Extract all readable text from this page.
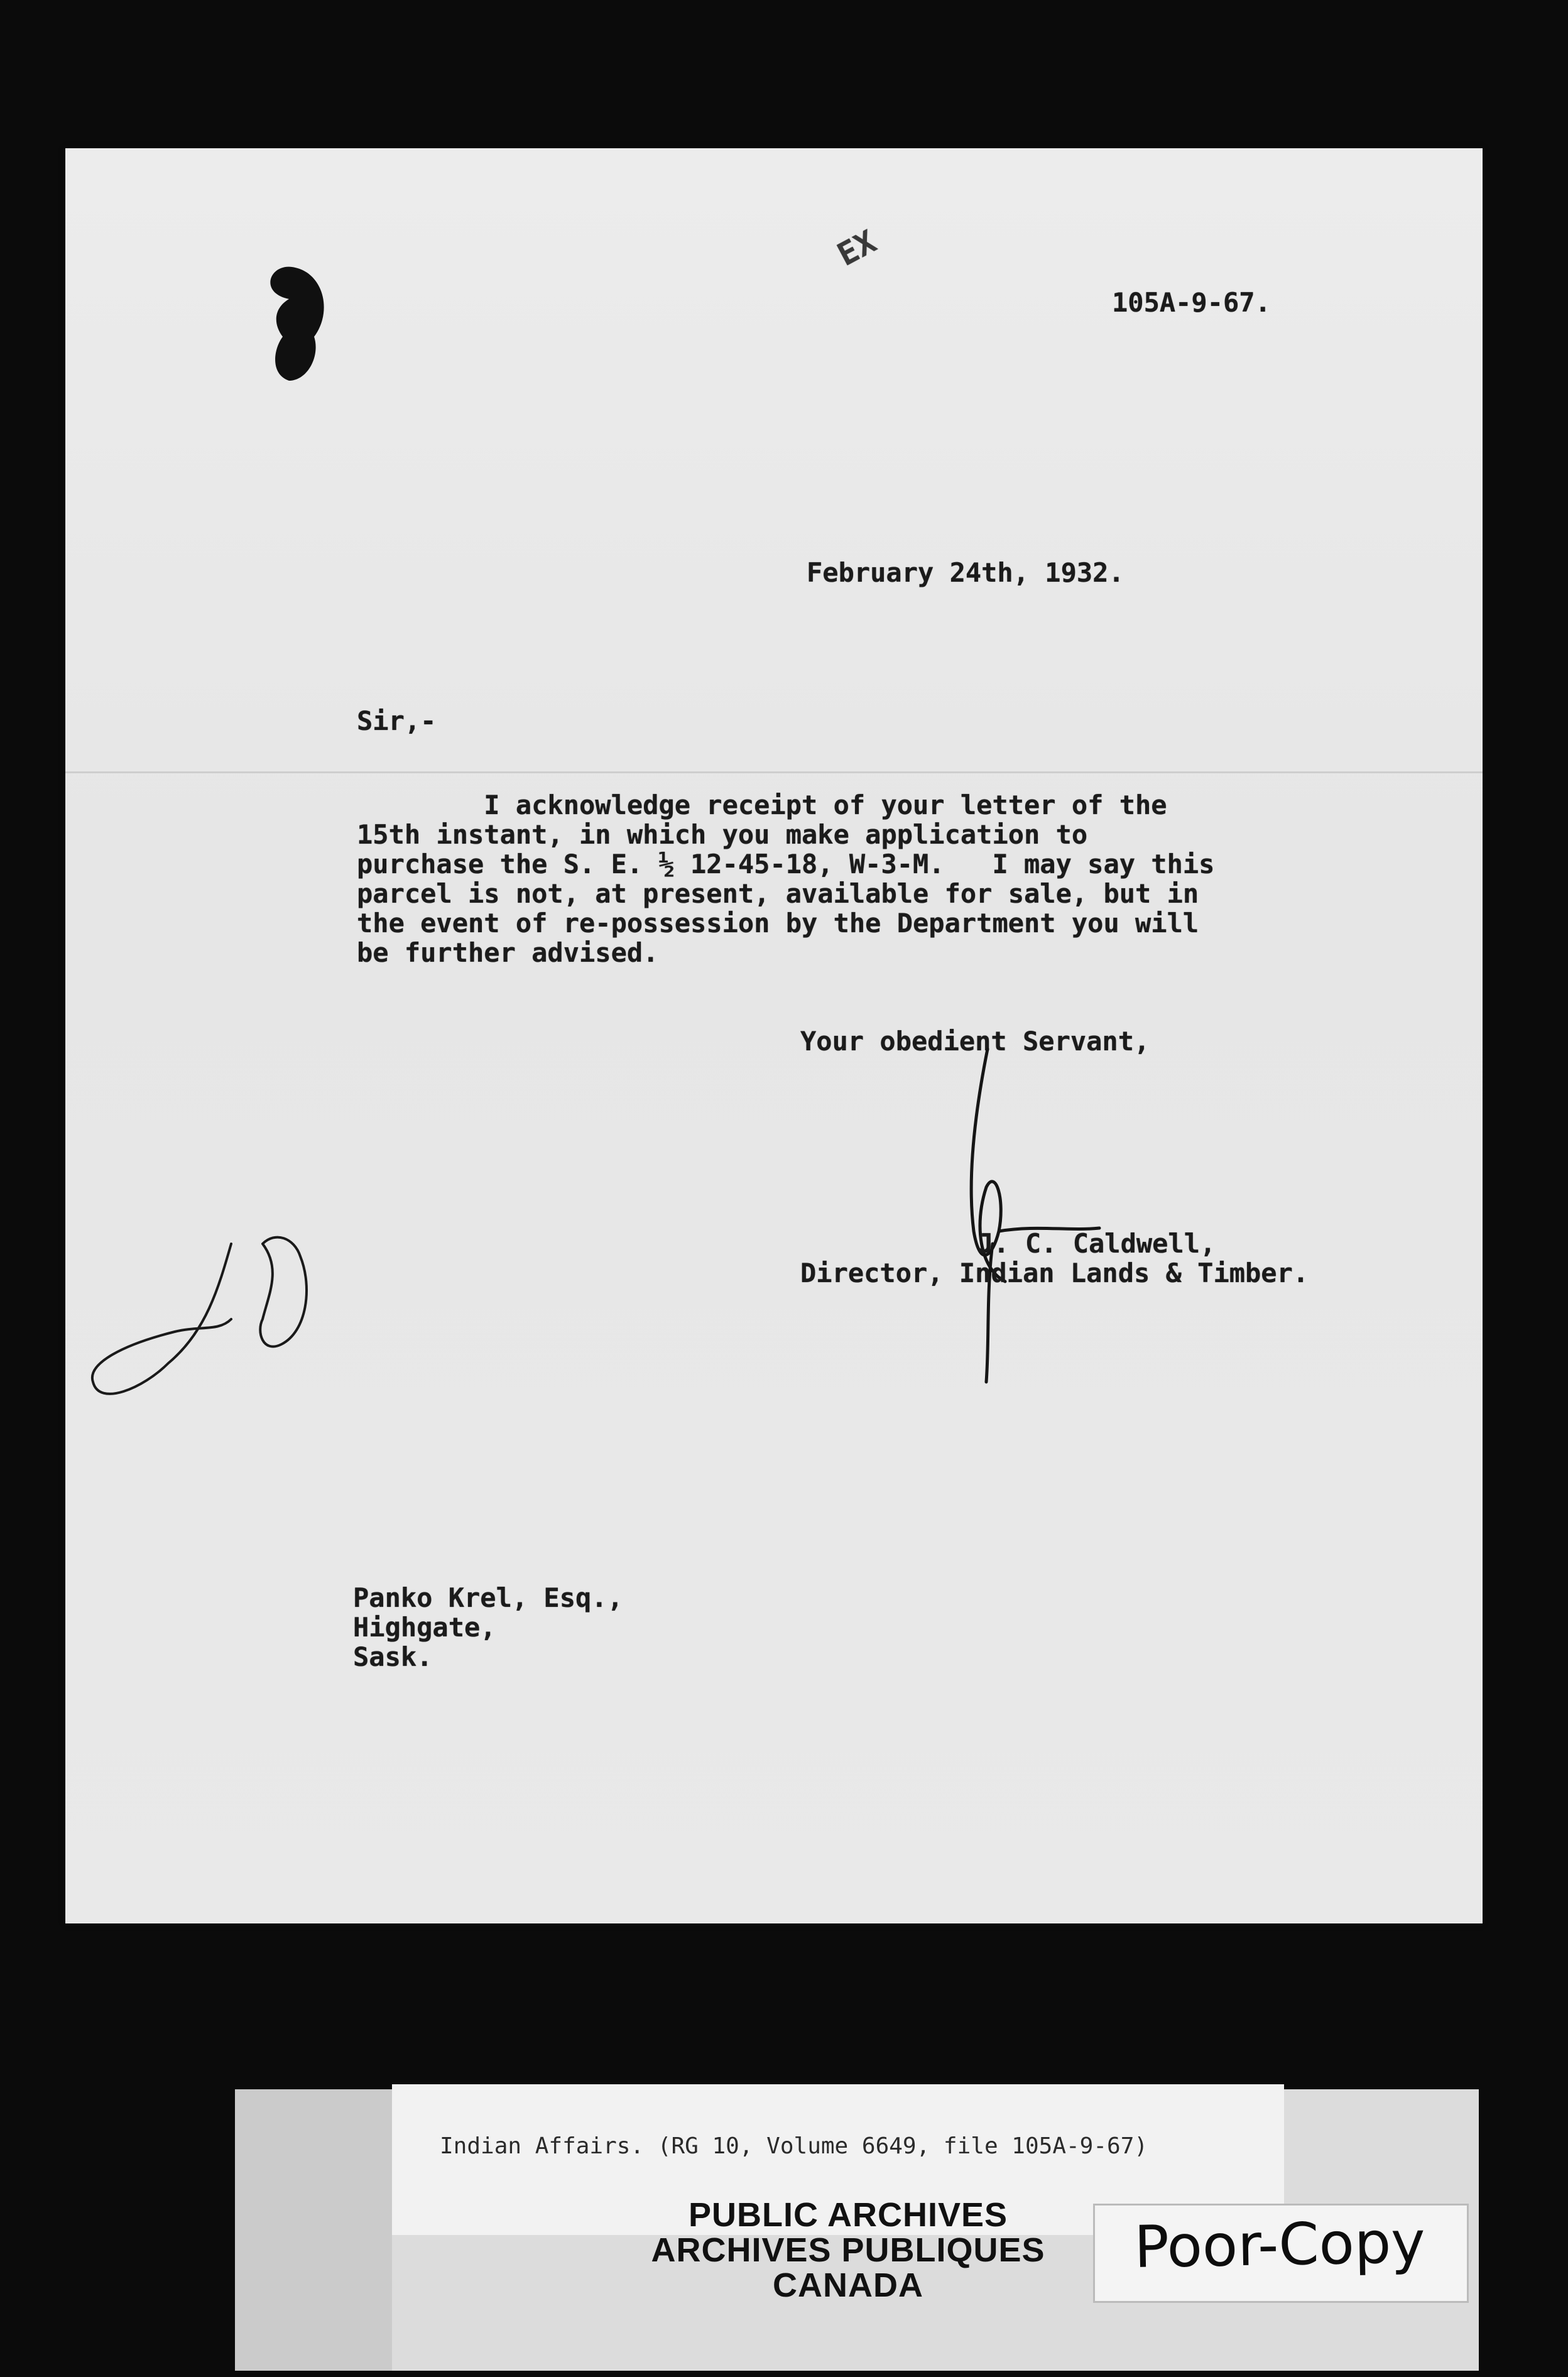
105A-9-67.
EX
February 24th, 1932.
Sir,-
I acknowledge receipt of your letter of the
15th instant, in which you make application to
purchase the S. E. ½ 12-45-18, W-3-M.   I may say this
parcel is not, at present, available for sale, but in
the event of re-possession by the Department you will
be further advised.
Your obedient Servant,
J. C. Caldwell,
Director, Indian Lands & Timber.
Panko Krel, Esq.,
Highgate,
Sask.
Indian Affairs. (RG 10, Volume 6649, file 105A-9-67)
PUBLIC ARCHIVES
ARCHIVES PUBLIQUES
CANADA
Poor-Copy
